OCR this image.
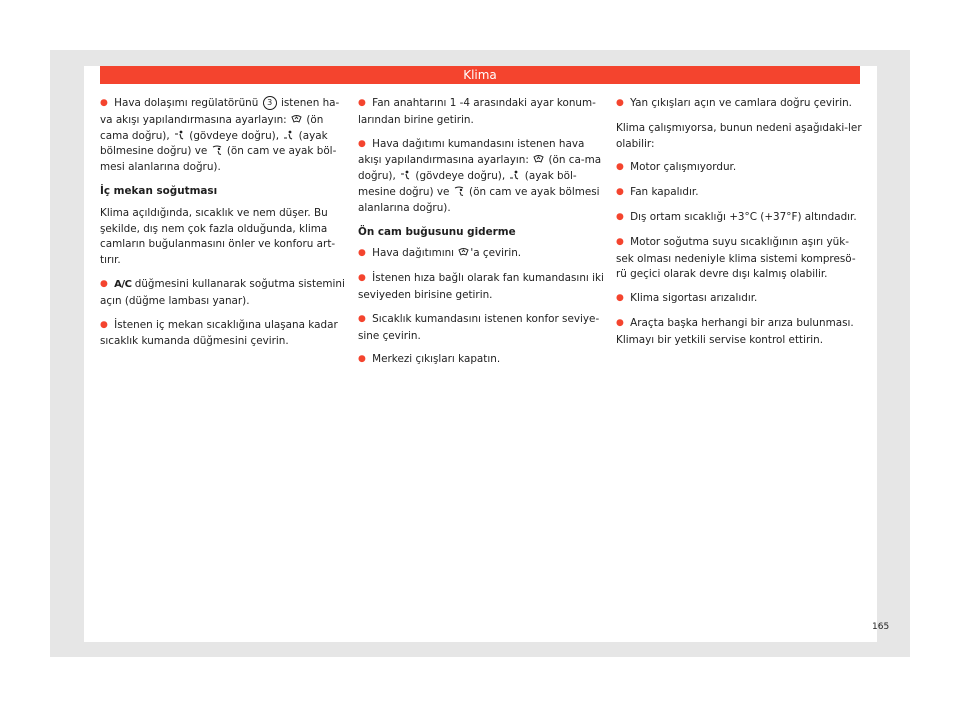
Klima

● Hava dolaşımı regülatörünü 3 istenen ha-va akışı yapılandırmasına ayarlayın: (ön cama doğru), (gövdeye doğru), (ayak bölmesine doğru) ve (ön cam ve ayak böl-mesi alanlarına doğru).

İç mekan soğutması

Klima açıldığında, sıcaklık ve nem düşer. Bu şekilde, dış nem çok fazla olduğunda, klima camların buğulanmasını önler ve konforu art-tırır.

● A/C düğmesini kullanarak soğutma sistemini açın (düğme lambası yanar).

● İstenen iç mekan sıcaklığına ulaşana kadar sıcaklık kumanda düğmesini çevirin.

● Fan anahtarını 1 -4 arasındaki ayar konum-larından birine getirin.

● Hava dağıtımı kumandasını istenen hava akışı yapılandırmasına ayarlayın: (ön ca-ma doğru), (gövdeye doğru), (ayak böl-mesine doğru) ve (ön cam ve ayak bölmesi alanlarına doğru).

Ön cam buğusunu giderme

● Hava dağıtımını 'a çevirin.

● İstenen hıza bağlı olarak fan kumandasını iki seviyeden birisine getirin.

● Sıcaklık kumandasını istenen konfor seviye-sine çevirin.

● Merkezi çıkışları kapatın.

● Yan çıkışları açın ve camlara doğru çevirin.

Klima çalışmıyorsa, bunun nedeni aşağıdaki-ler olabilir:

● Motor çalışmıyordur.

● Fan kapalıdır.

● Dış ortam sıcaklığı +3°C (+37°F) altındadır.

● Motor soğutma suyu sıcaklığının aşırı yük-sek olması nedeniyle klima sistemi kompresö-rü geçici olarak devre dışı kalmış olabilir.

● Klima sigortası arızalıdır.

● Araçta başka herhangi bir arıza bulunması. Klimayı bir yetkili servise kontrol ettirin.

165
